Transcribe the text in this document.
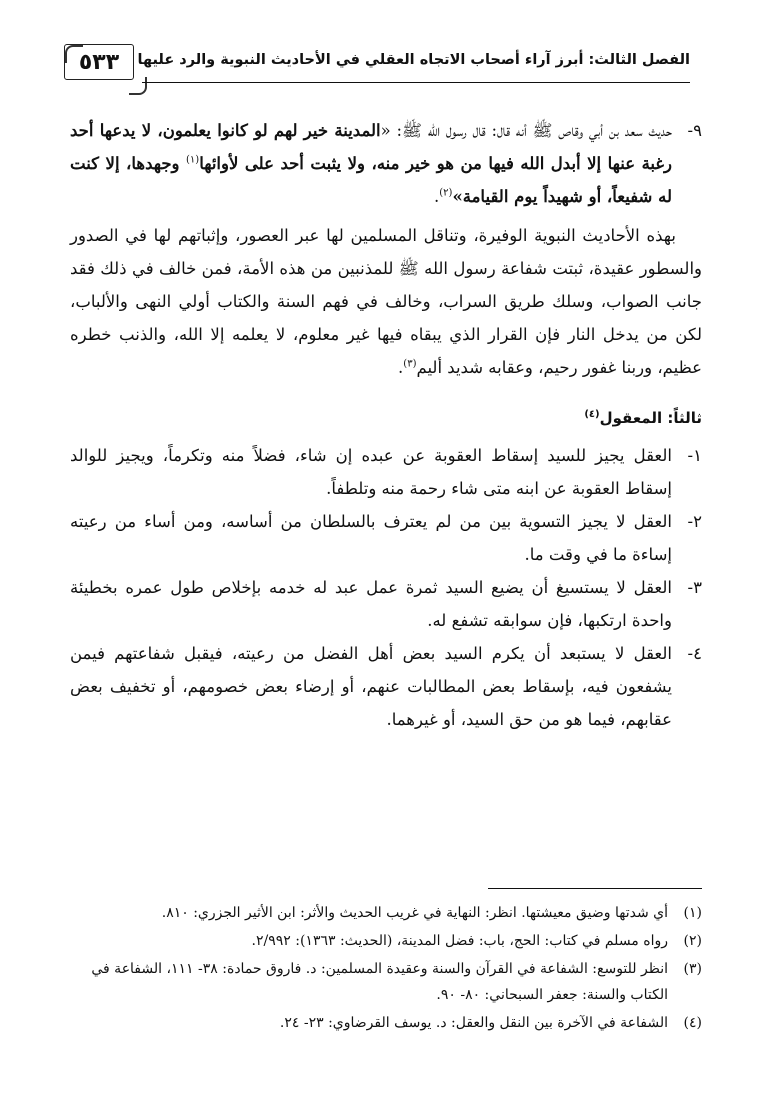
٥٣٣ الفصل الثالث: أبرز آراء أصحاب الاتجاه العقلي في الأحاديث النبوية والرد عليها

٩-
حديث سعد بن أبي وقاص ﷺ أنه قال: قال رسول الله ﷺ: «المدينة خير لهم لو كانوا يعلمون، لا يدعها أحد رغبة عنها إلا أبدل الله فيها من هو خير منه، ولا يثبت أحد على لأوائها$^{(١)}$ وجهدها، إلا كنت له شفيعاً، أو شهيداً يوم القيامة»$^{(٢)}$.

بهذه الأحاديث النبوية الوفيرة، وتناقل المسلمين لها عبر العصور، وإثباتهم لها في الصدور والسطور عقيدة، ثبتت شفاعة رسول الله ﷺ للمذنبين من هذه الأمة، فمن خالف في ذلك فقد جانب الصواب، وسلك طريق السراب، وخالف في فهم السنة والكتاب أولي النهى والألباب، لكن من يدخل النار فإن القرار الذي يبقاه فيها غير معلوم، لا يعلمه إلا الله، والذنب خطره عظيم، وربنا غفور رحيم، وعقابه شديد أليم$^{(٣)}$.

ثالثاً: المعقول$^{(٤)}$

١-
العقل يجيز للسيد إسقاط العقوبة عن عبده إن شاء، فضلاً منه وتكرماً، ويجيز للوالد إسقاط العقوبة عن ابنه متى شاء رحمة منه وتلطفاً.

٢-
العقل لا يجيز التسوية بين من لم يعترف بالسلطان من أساسه، ومن أساء من رعيته إساءة ما في وقت ما.

٣-
العقل لا يستسيغ أن يضيع السيد ثمرة عمل عبد له خدمه بإخلاص طول عمره بخطيئة واحدة ارتكبها، فإن سوابقه تشفع له.

٤-
العقل لا يستبعد أن يكرم السيد بعض أهل الفضل من رعيته، فيقبل شفاعتهم فيمن يشفعون فيه، بإسقاط بعض المطالبات عنهم، أو إرضاء بعض خصومهم، أو تخفيف بعض عقابهم، فيما هو من حق السيد، أو غيرهما.

(١)
أي شدتها وضيق معيشتها. انظر: النهاية في غريب الحديث والأثر: ابن الأثير الجزري: ٨١٠.

(٢)
رواه مسلم في كتاب: الحج، باب: فضل المدينة، (الحديث: ١٣٦٣): ٢/٩٩٢.

(٣)
انظر للتوسع: الشفاعة في القرآن والسنة وعقيدة المسلمين: د. فاروق حمادة: ٣٨- ١١١، الشفاعة في الكتاب والسنة: جعفر السبحاني: ٨٠- ٩٠.

(٤)
الشفاعة في الآخرة بين النقل والعقل: د. يوسف القرضاوي: ٢٣- ٢٤.
